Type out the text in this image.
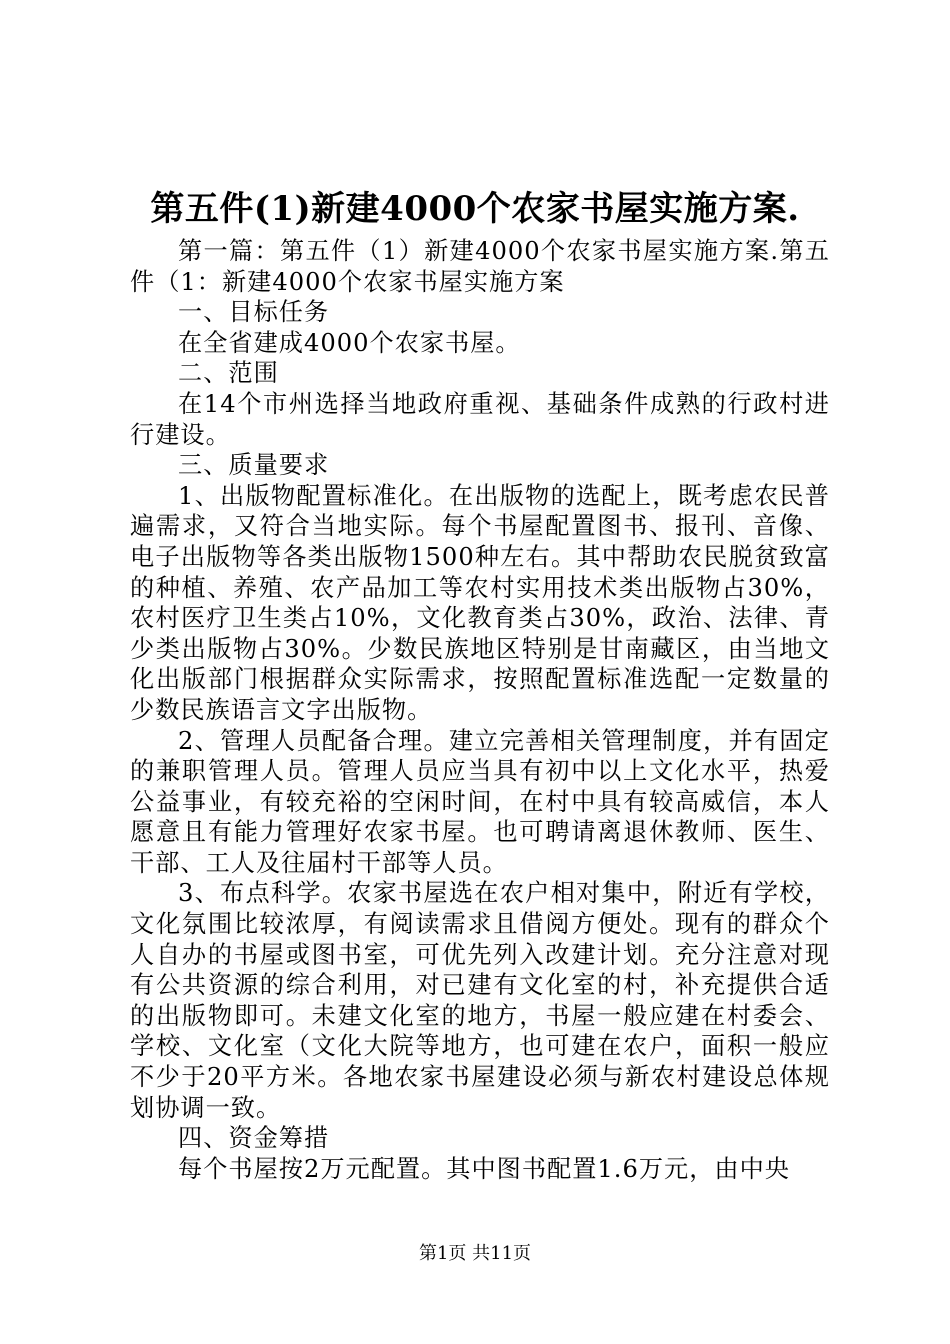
第五件(1)新建4000个农家书屋实施方案.

第一篇：第五件（1）新建4000个农家书屋实施方案.第五件（1：新建4000个农家书屋实施方案

一、目标任务

在全省建成4000个农家书屋。

二、范围

在14个市州选择当地政府重视、基础条件成熟的行政村进行建设。

三、质量要求

1、出版物配置标准化。在出版物的选配上，既考虑农民普遍需求，又符合当地实际。每个书屋配置图书、报刊、音像、电子出版物等各类出版物1500种左右。其中帮助农民脱贫致富的种植、养殖、农产品加工等农村实用技术类出版物占30%，农村医疗卫生类占10%，文化教育类占30%，政治、法律、青少类出版物占30%。少数民族地区特别是甘南藏区，由当地文化出版部门根据群众实际需求，按照配置标准选配一定数量的少数民族语言文字出版物。

2、管理人员配备合理。建立完善相关管理制度，并有固定的兼职管理人员。管理人员应当具有初中以上文化水平，热爱公益事业，有较充裕的空闲时间，在村中具有较高威信，本人愿意且有能力管理好农家书屋。也可聘请离退休教师、医生、干部、工人及往届村干部等人员。

3、布点科学。农家书屋选在农户相对集中，附近有学校，文化氛围比较浓厚，有阅读需求且借阅方便处。现有的群众个人自办的书屋或图书室，可优先列入改建计划。充分注意对现有公共资源的综合利用，对已建有文化室的村，补充提供合适的出版物即可。未建文化室的地方，书屋一般应建在村委会、学校、文化室（文化大院等地方，也可建在农户，面积一般应不少于20平方米。各地农家书屋建设必须与新农村建设总体规划协调一致。

四、资金筹措

每个书屋按2万元配置。其中图书配置1.6万元，由中央

第1页 共11页
